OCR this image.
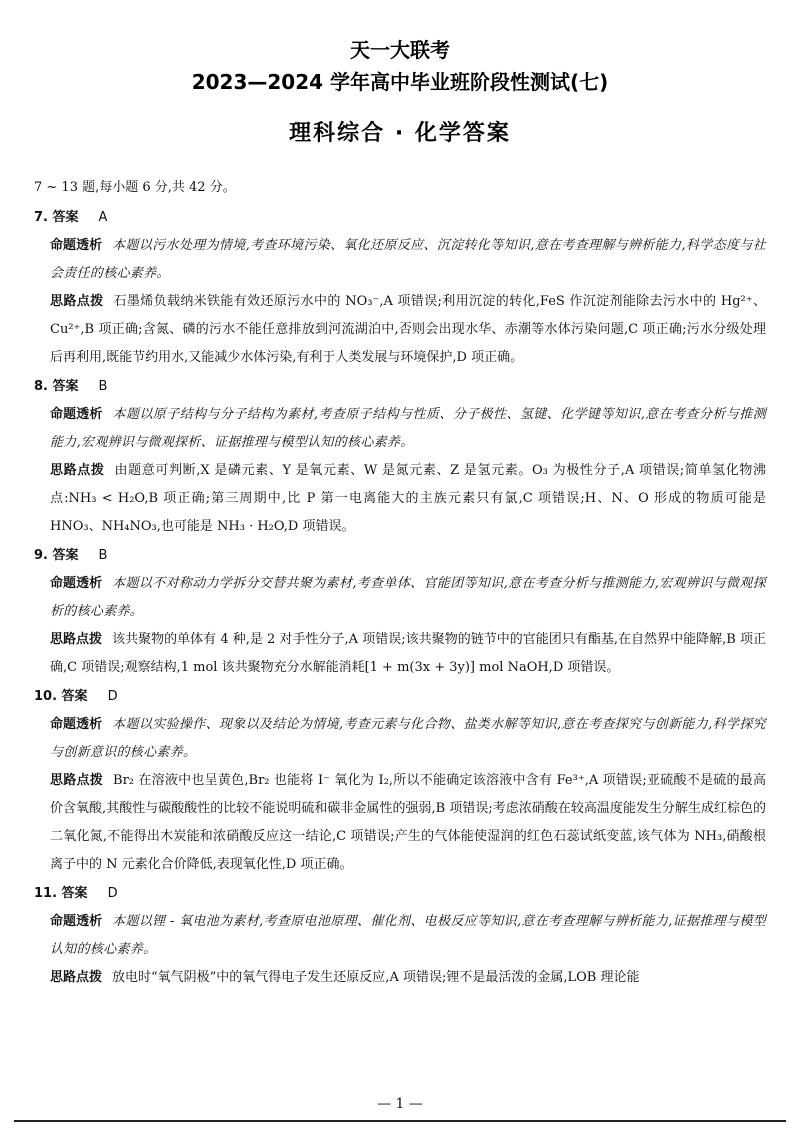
天一大联考
2023—2024 学年高中毕业班阶段性测试(七)
理科综合 · 化学答案
7 ~ 13 题,每小题 6 分,共 42 分。
7. 答案 A
命题透析 本题以污水处理为情境,考查环境污染、氧化还原反应、沉淀转化等知识,意在考查理解与辨析能力,科学态度与社会责任的核心素养。
思路点拨 石墨烯负载纳米铁能有效还原污水中的 NO₃⁻,A 项错误;利用沉淀的转化,FeS 作沉淀剂能除去污水中的 Hg²⁺、Cu²⁺,B 项正确;含氮、磷的污水不能任意排放到河流湖泊中,否则会出现水华、赤潮等水体污染问题,C 项正确;污水分级处理后再利用,既能节约用水,又能减少水体污染,有利于人类发展与环境保护,D 项正确。
8. 答案 B
命题透析 本题以原子结构与分子结构为素材,考查原子结构与性质、分子极性、氢键、化学键等知识,意在考查分析与推测能力,宏观辨识与微观探析、证据推理与模型认知的核心素养。
思路点拨 由题意可判断,X 是磷元素、Y 是氧元素、W 是氮元素、Z 是氢元素。O₃ 为极性分子,A 项错误;简单氢化物沸点:NH₃ < H₂O,B 项正确;第三周期中,比 P 第一电离能大的主族元素只有氯,C 项错误;H、N、O 形成的物质可能是 HNO₃、NH₄NO₃,也可能是 NH₃ · H₂O,D 项错误。
9. 答案 B
命题透析 本题以不对称动力学拆分交替共聚为素材,考查单体、官能团等知识,意在考查分析与推测能力,宏观辨识与微观探析的核心素养。
思路点拨 该共聚物的单体有 4 种,是 2 对手性分子,A 项错误;该共聚物的链节中的官能团只有酯基,在自然界中能降解,B 项正确,C 项错误;观察结构,1 mol 该共聚物充分水解能消耗[1 + m(3x + 3y)] mol NaOH,D 项错误。
10. 答案 D
命题透析 本题以实验操作、现象以及结论为情境,考查元素与化合物、盐类水解等知识,意在考查探究与创新能力,科学探究与创新意识的核心素养。
思路点拨 Br₂ 在溶液中也呈黄色,Br₂ 也能将 I⁻ 氧化为 I₂,所以不能确定该溶液中含有 Fe³⁺,A 项错误;亚硫酸不是硫的最高价含氧酸,其酸性与碳酸酸性的比较不能说明硫和碳非金属性的强弱,B 项错误;考虑浓硝酸在较高温度能发生分解生成红棕色的二氧化氮,不能得出木炭能和浓硝酸反应这一结论,C 项错误;产生的气体能使湿润的红色石蕊试纸变蓝,该气体为 NH₃,硝酸根离子中的 N 元素化合价降低,表现氧化性,D 项正确。
11. 答案 D
命题透析 本题以锂 - 氧电池为素材,考查原电池原理、催化剂、电极反应等知识,意在考查理解与辨析能力,证据推理与模型认知的核心素养。
思路点拨 放电时“氧气阴极”中的氧气得电子发生还原反应,A 项错误;锂不是最活泼的金属,LOB 理论能
— 1 —
